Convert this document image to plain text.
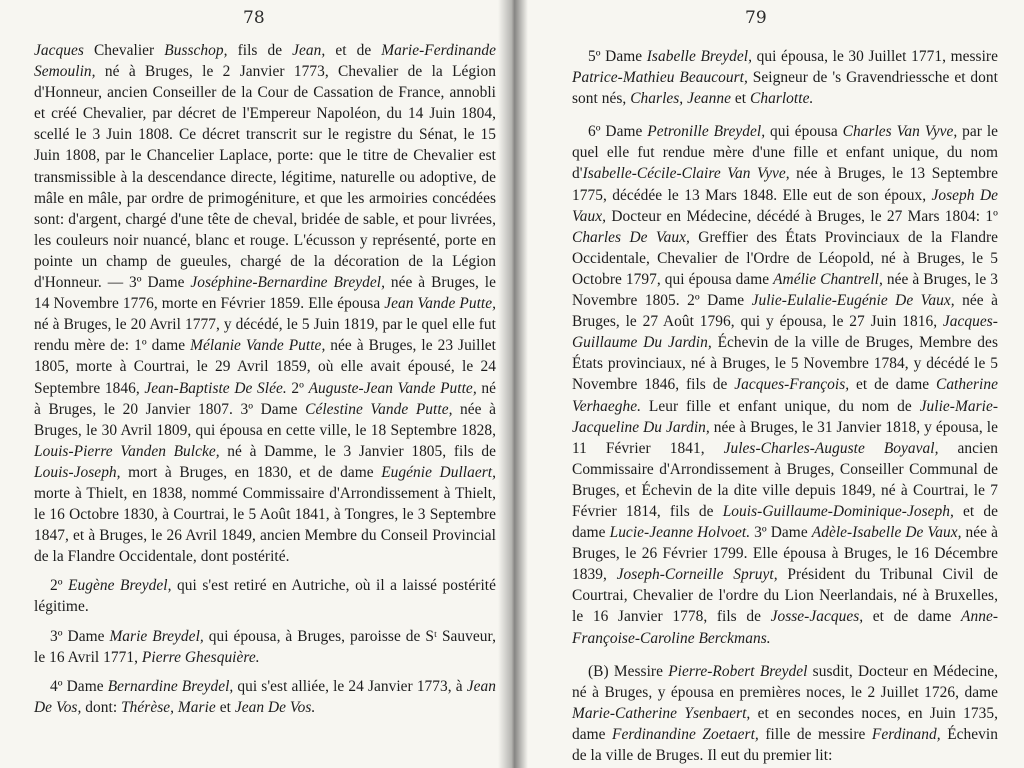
78

Jacques Chevalier Busschop, fils de Jean, et de Marie-Ferdinande Semoulin, né à Bruges, le 2 Janvier 1773, Chevalier de la Légion d'Honneur, ancien Conseiller de la Cour de Cassation de France, annobli et créé Chevalier, par décret de l'Empereur Napoléon, du 14 Juin 1804, scellé le 3 Juin 1808. Ce décret transcrit sur le registre du Sénat, le 15 Juin 1808, par le Chancelier Laplace, porte: que le titre de Chevalier est transmissible à la descendance directe, légitime, naturelle ou adoptive, de mâle en mâle, par ordre de primogéniture, et que les armoiries concédées sont: d'argent, chargé d'une tête de cheval, bridée de sable, et pour livrées, les couleurs noir nuancé, blanc et rouge. L'écusson y représenté, porte en pointe un champ de gueules, chargé de la décoration de la Légion d'Honneur. — 3º Dame Joséphine-Bernardine Breydel, née à Bruges, le 14 Novembre 1776, morte en Février 1859. Elle épousa Jean Vande Putte, né à Bruges, le 20 Avril 1777, y décédé, le 5 Juin 1819, par le quel elle fut rendu mère de: 1º dame Mélanie Vande Putte, née à Bruges, le 23 Juillet 1805, morte à Courtrai, le 29 Avril 1859, où elle avait épousé, le 24 Septembre 1846, Jean-Baptiste De Slée. 2º Auguste-Jean Vande Putte, né à Bruges, le 20 Janvier 1807. 3º Dame Célestine Vande Putte, née à Bruges, le 30 Avril 1809, qui épousa en cette ville, le 18 Septembre 1828, Louis-Pierre Vanden Bulcke, né à Damme, le 3 Janvier 1805, fils de Louis-Joseph, mort à Bruges, en 1830, et de dame Eugénie Dullaert, morte à Thielt, en 1838, nommé Commissaire d'Arrondissement à Thielt, le 16 Octobre 1830, à Courtrai, le 5 Août 1841, à Tongres, le 3 Septembre 1847, et à Bruges, le 26 Avril 1849, ancien Membre du Conseil Provincial de la Flandre Occidentale, dont postérité.

2º Eugène Breydel, qui s'est retiré en Autriche, où il a laissé postérité légitime.

3º Dame Marie Breydel, qui épousa, à Bruges, paroisse de Sᵗ Sauveur, le 16 Avril 1771, Pierre Ghesquière.

4º Dame Bernardine Breydel, qui s'est alliée, le 24 Janvier 1773, à Jean De Vos, dont: Thérèse, Marie et Jean De Vos.

79

5º Dame Isabelle Breydel, qui épousa, le 30 Juillet 1771, messire Patrice-Mathieu Beaucourt, Seigneur de 's Gravendriessche et dont sont nés, Charles, Jeanne et Charlotte.

6º Dame Petronille Breydel, qui épousa Charles Van Vyve, par le quel elle fut rendue mère d'une fille et enfant unique, du nom d'Isabelle-Cécile-Claire Van Vyve, née à Bruges, le 13 Septembre 1775, décédée le 13 Mars 1848. Elle eut de son époux, Joseph De Vaux, Docteur en Médecine, décédé à Bruges, le 27 Mars 1804: 1º Charles De Vaux, Greffier des États Provinciaux de la Flandre Occidentale, Chevalier de l'Ordre de Léopold, né à Bruges, le 5 Octobre 1797, qui épousa dame Amélie Chantrell, née à Bruges, le 3 Novembre 1805. 2º Dame Julie-Eulalie-Eugénie De Vaux, née à Bruges, le 27 Août 1796, qui y épousa, le 27 Juin 1816, Jacques-Guillaume Du Jardin, Échevin de la ville de Bruges, Membre des États provinciaux, né à Bruges, le 5 Novembre 1784, y décédé le 5 Novembre 1846, fils de Jacques-François, et de dame Catherine Verhaeghe. Leur fille et enfant unique, du nom de Julie-Marie-Jacqueline Du Jardin, née à Bruges, le 31 Janvier 1818, y épousa, le 11 Février 1841, Jules-Charles-Auguste Boyaval, ancien Commissaire d'Arrondissement à Bruges, Conseiller Communal de Bruges, et Échevin de la dite ville depuis 1849, né à Courtrai, le 7 Février 1814, fils de Louis-Guillaume-Dominique-Joseph, et de dame Lucie-Jeanne Holvoet. 3º Dame Adèle-Isabelle De Vaux, née à Bruges, le 26 Février 1799. Elle épousa à Bruges, le 16 Décembre 1839, Joseph-Corneille Spruyt, Président du Tribunal Civil de Courtrai, Chevalier de l'ordre du Lion Neerlandais, né à Bruxelles, le 16 Janvier 1778, fils de Josse-Jacques, et de dame Anne-Françoise-Caroline Berckmans.

(B) Messire Pierre-Robert Breydel susdit, Docteur en Médecine, né à Bruges, y épousa en premières noces, le 2 Juillet 1726, dame Marie-Catherine Ysenbaert, et en secondes noces, en Juin 1735, dame Ferdinandine Zoetaert, fille de messire Ferdinand, Échevin de la ville de Bruges. Il eut du premier lit:
